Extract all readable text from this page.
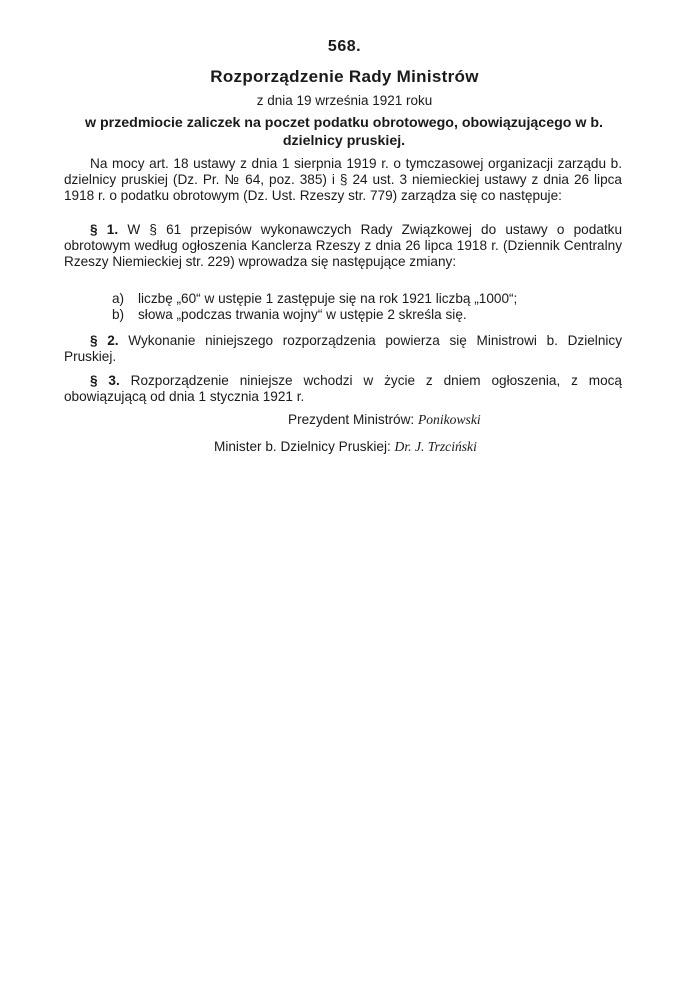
568.
Rozporządzenie Rady Ministrów
z dnia 19 września 1921 roku
w przedmiocie zaliczek na poczet podatku obrotowego, obowiązującego w b. dzielnicy pruskiej.
Na mocy art. 18 ustawy z dnia 1 sierpnia 1919 r. o tymczasowej organizacji zarządu b. dzielnicy pruskiej (Dz. Pr. № 64, poz. 385) i § 24 ust. 3 niemieckiej ustawy z dnia 26 lipca 1918 r. o podatku obrotowym (Dz. Ust. Rzeszy str. 779) zarządza się co następuje:
§ 1. W § 61 przepisów wykonawczych Rady Związkowej do ustawy o podatku obrotowym według ogłoszenia Kanclerza Rzeszy z dnia 26 lipca 1918 r. (Dziennik Centralny Rzeszy Niemieckiej str. 229) wprowadza się następujące zmiany:
a)	liczbę „60“ w ustępie 1 zastępuje się na rok 1921 liczbą „1000“;
b)	słowa „podczas trwania wojny“ w ustępie 2 skreśla się.
§ 2. Wykonanie niniejszego rozporządzenia powierza się Ministrowi b. Dzielnicy Pruskiej.
§ 3. Rozporządzenie niniejsze wchodzi w życie z dniem ogłoszenia, z mocą obowiązującą od dnia 1 stycznia 1921 r.
Prezydent Ministrów: Ponikowski
Minister b. Dzielnicy Pruskiej: Dr. J. Trzciński
